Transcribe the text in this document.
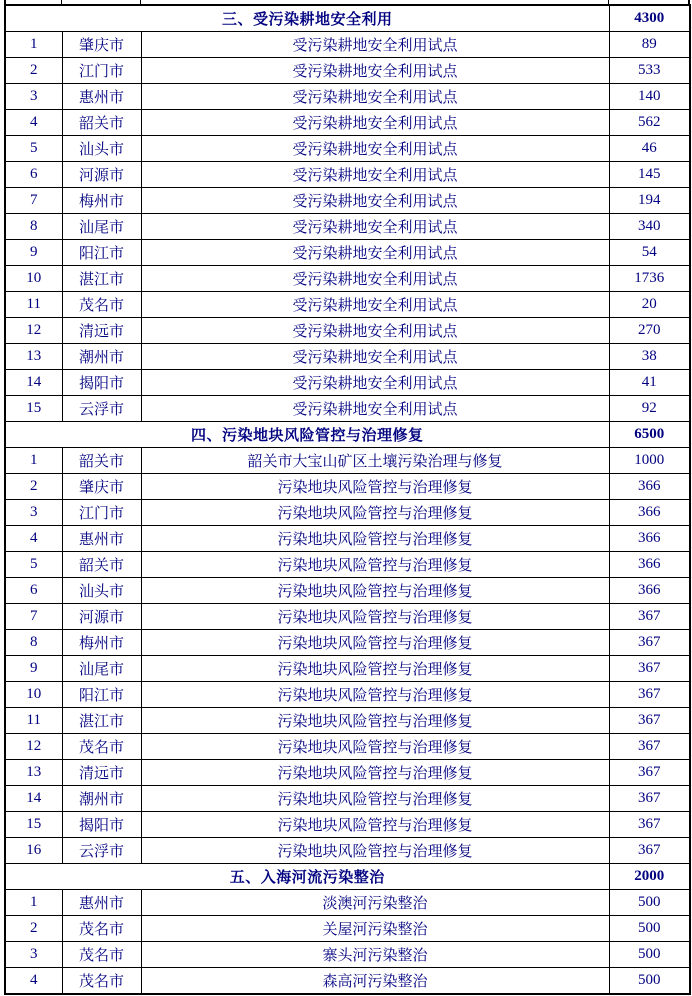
三、受污染耕地安全利用			4300
1	肇庆市	受污染耕地安全利用试点	89
2	江门市	受污染耕地安全利用试点	533
3	惠州市	受污染耕地安全利用试点	140
4	韶关市	受污染耕地安全利用试点	562
5	汕头市	受污染耕地安全利用试点	46
6	河源市	受污染耕地安全利用试点	145
7	梅州市	受污染耕地安全利用试点	194
8	汕尾市	受污染耕地安全利用试点	340
9	阳江市	受污染耕地安全利用试点	54
10	湛江市	受污染耕地安全利用试点	1736
11	茂名市	受污染耕地安全利用试点	20
12	清远市	受污染耕地安全利用试点	270
13	潮州市	受污染耕地安全利用试点	38
14	揭阳市	受污染耕地安全利用试点	41
15	云浮市	受污染耕地安全利用试点	92
四、污染地块风险管控与治理修复			6500
1	韶关市	韶关市大宝山矿区土壤污染治理与修复	1000
2	肇庆市	污染地块风险管控与治理修复	366
3	江门市	污染地块风险管控与治理修复	366
4	惠州市	污染地块风险管控与治理修复	366
5	韶关市	污染地块风险管控与治理修复	366
6	汕头市	污染地块风险管控与治理修复	366
7	河源市	污染地块风险管控与治理修复	367
8	梅州市	污染地块风险管控与治理修复	367
9	汕尾市	污染地块风险管控与治理修复	367
10	阳江市	污染地块风险管控与治理修复	367
11	湛江市	污染地块风险管控与治理修复	367
12	茂名市	污染地块风险管控与治理修复	367
13	清远市	污染地块风险管控与治理修复	367
14	潮州市	污染地块风险管控与治理修复	367
15	揭阳市	污染地块风险管控与治理修复	367
16	云浮市	污染地块风险管控与治理修复	367
五、入海河流污染整治			2000
1	惠州市	淡澳河污染整治	500
2	茂名市	关屋河污染整治	500
3	茂名市	寨头河污染整治	500
4	茂名市	森高河污染整治	500
